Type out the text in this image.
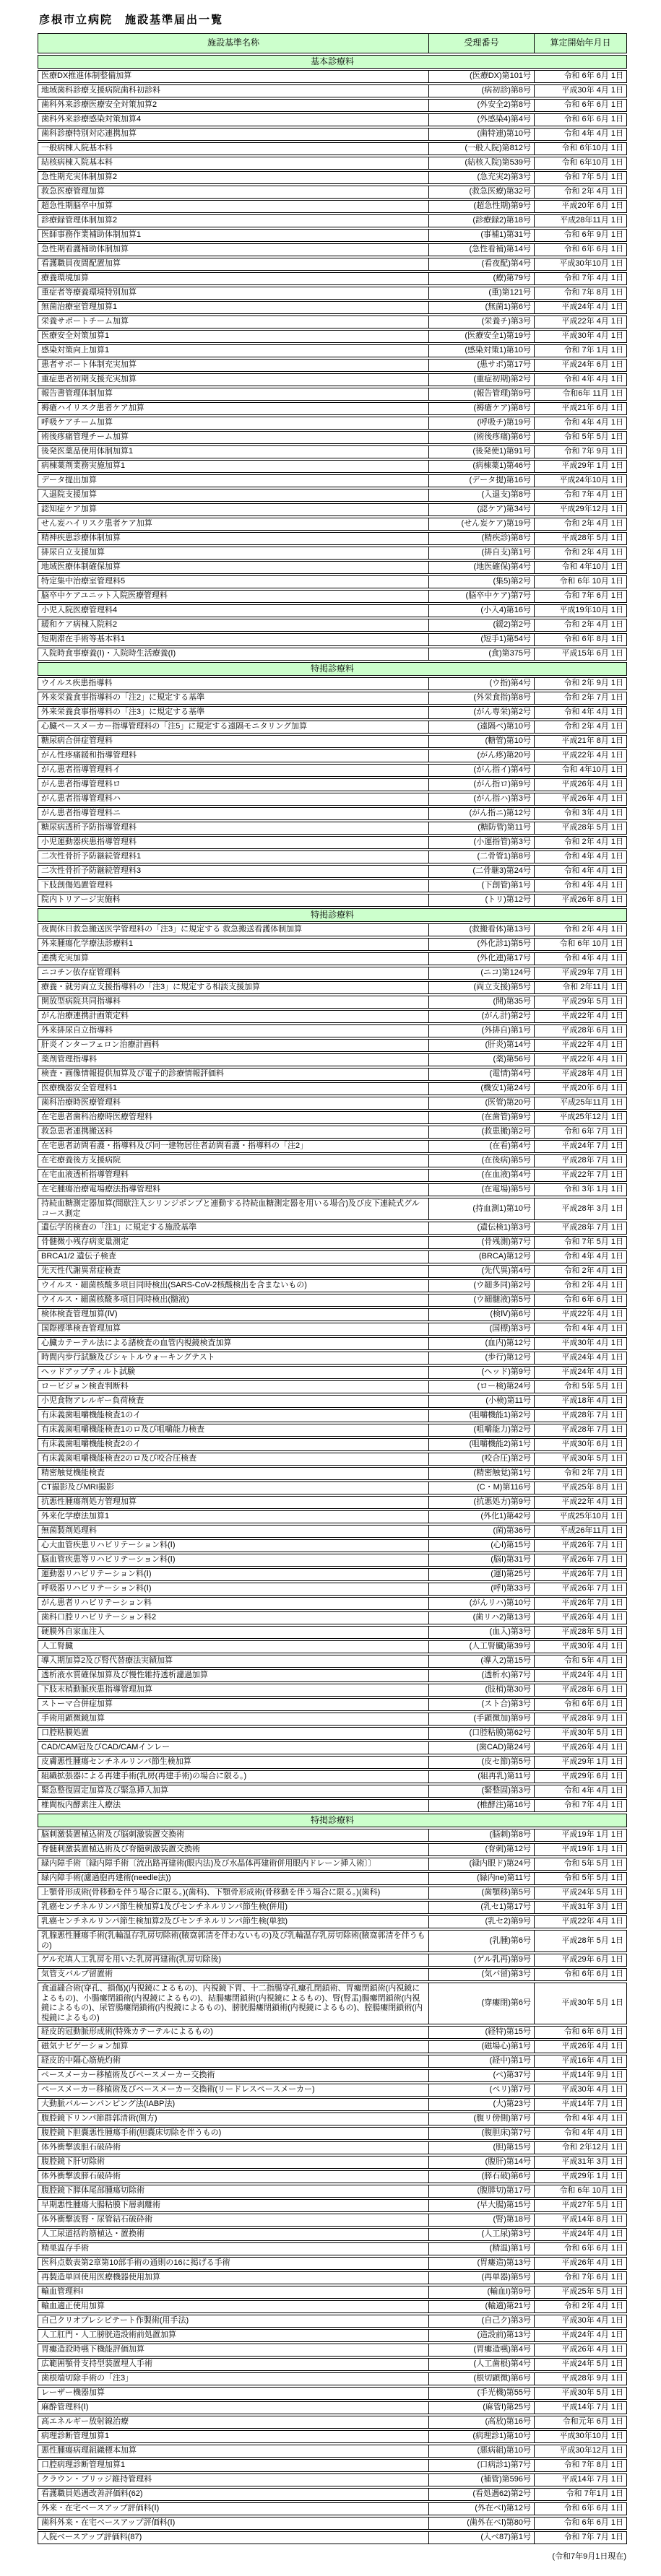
彦根市立病院　施設基準届出一覧
施設基準名称	受理番号	算定開始年月日
基本診療料
医療DX推進体制整備加算	(医療DX)第101号	令和 6年 6月 1日
地域歯科診療支援病院歯科初診料	(病初診)第8号	平成30年 4月 1日
歯科外来診療医療安全対策加算2	(外安全2)第8号	令和 6年 6月 1日
歯科外来診療感染対策加算4	(外感染4)第4号	令和 6年 6月 1日
歯科診療特別対応連携加算	(歯特連)第10号	令和 4年 4月 1日
一般病棟入院基本料	(一般入院)第812号	令和 6年10月 1日
結核病棟入院基本料	(結核入院)第539号	令和 6年10月 1日
急性期充実体制加算2	(急充実2)第3号	令和 7年 5月 1日
救急医療管理加算	(救急医療)第32号	令和 2年 4月 1日
超急性期脳卒中加算	(超急性期)第9号	平成20年 6月 1日
診療録管理体制加算2	(診療録2)第18号	平成28年11月 1日
医師事務作業補助体制加算1	(事補1)第31号	令和 6年 9月 1日
急性期看護補助体制加算	(急性看補)第14号	令和 6年 6月 1日
看護職員夜間配置加算	(看夜配)第4号	平成30年10月 1日
療養環境加算	(療)第79号	令和 7年 4月 1日
重症者等療養環境特別加算	(重)第121号	令和 7年 8月 1日
無菌治療室管理加算1	(無菌1)第6号	平成24年 4月 1日
栄養サポートチーム加算	(栄養チ)第3号	平成22年 4月 1日
医療安全対策加算1	(医療安全1)第19号	平成30年 4月 1日
感染対策向上加算1	(感染対策1)第10号	令和 7年 1月 1日
患者サポート体制充実加算	(患サポ)第17号	平成24年 6月 1日
重症患者初期支援充実加算	(重症初期)第2号	令和 4年 4月 1日
報告書管理体制加算	(報告管理)第9号	令和6年 11月 1日
褥瘡ハイリスク患者ケア加算	(褥瘡ケア)第8号	平成21年 6月 1日
呼吸ケアチーム加算	(呼吸チ)第19号	令和 4年 4月 1日
術後疼痛管理チーム加算	(術後疼痛)第6号	令和 5年 5月 1日
後発医薬品使用体制加算1	(後発使1)第91号	令和 7年 9月 1日
病棟薬剤業務実施加算1	(病棟薬1)第46号	平成29年 1月 1日
データ提出加算	(データ提)第16号	平成24年10月 1日
入退院支援加算	(入退支)第8号	令和 7年 4月 1日
認知症ケア加算	(認ケア)第34号	平成29年12月 1日
せん妄ハイリスク患者ケア加算	(せん妄ケア)第19号	令和 2年 4月 1日
精神疾患診療体制加算	(精疾診)第8号	平成28年 5月 1日
排尿自立支援加算	(排自支)第1号	令和 2年 4月 1日
地域医療体制確保加算	(地医確保)第4号	令和 4年10月 1日
特定集中治療室管理料5	(集5)第2号	令和 6年 10月 1日
脳卒中ケアユニット入院医療管理料	(脳卒中ケア)第7号	令和 7年 6月 1日
小児入院医療管理料4	(小入4)第16号	平成19年10月 1日
緩和ケア病棟入院料2	(緩2)第2号	令和 2年 4月 1日
短期滞在手術等基本料1	(短手1)第54号	令和 6年 8月 1日
入院時食事療養(Ⅰ)・入院時生活療養(Ⅰ)	(食)第375号	平成15年 6月 1日
特掲診療料
ウイルス疾患指導料	(ウ指)第4号	令和 2年 9月 1日
外来栄養食事指導料の「注2」に規定する基準	(外栄食指)第8号	令和 2年 7月 1日
外来栄養食事指導料の「注3」に規定する基準	(がん専栄)第2号	令和 4年 4月 1日
心臓ペースメーカー指導管理料の「注5」に規定する遠隔モニタリング加算	(遠隔ペ)第10号	令和 2年 4月 1日
糖尿病合併症管理料	(糖管)第10号	平成21年 8月 1日
がん性疼痛緩和指導管理料	(がん疼)第20号	平成22年 4月 1日
がん患者指導管理料イ	(がん指イ)第4号	令和 4年10月 1日
がん患者指導管理料ロ	(がん指ロ)第9号	平成26年 4月 1日
がん患者指導管理料ハ	(がん指ハ)第3号	平成26年 4月 1日
がん患者指導管理料ニ	(がん指ニ)第12号	令和 3年 4月 1日
糖尿病透析予防指導管理料	(糖防管)第11号	平成28年 5月 1日
小児運動器疾患指導管理料	(小運指管)第3号	令和 2年 4月 1日
二次性骨折予防継続管理料1	(二骨管1)第8号	令和 4年 4月 1日
二次性骨折予防継続管理料3	(二骨継3)第24号	令和 4年 4月 1日
下肢創傷処置管理料	(下創管)第1号	令和 4年 4月 1日
院内トリアージ実施料	(トリ)第12号	平成26年 8月 1日
特掲診療料
夜間休日救急搬送医学管理料の「注3」に規定する 救急搬送看護体制加算	(救搬看体)第13号	令和 2年 4月 1日
外来腫瘍化学療法診療料1	(外化診1)第5号	令和 6年 10月 1日
連携充実加算	(外化連)第17号	令和 4年 4月 1日
ニコチン依存症管理料	(ニコ)第124号	平成29年 7月 1日
療養・就労両立支援指導料の「注3」に規定する相談支援加算	(両立支援)第5号	令和 2年11月 1日
開放型病院共同指導料	(開)第35号	平成29年 5月 1日
がん治療連携計画策定料	(がん計)第2号	平成22年 4月 1日
外来排尿自立指導料	(外排自)第1号	平成28年 6月 1日
肝炎インターフェロン治療計画料	(肝炎)第14号	平成22年 4月 1日
薬剤管理指導料	(薬)第56号	平成22年 4月 1日
検査・画像情報提供加算及び電子的診療情報評価料	(電情)第4号	平成28年 4月 1日
医療機器安全管理料1	(機安1)第24号	平成20年 6月 1日
歯科治療時医療管理料	(医管)第20号	平成25年11月 1日
在宅患者歯科治療時医療管理料	(在歯管)第9号	平成25年12月 1日
救急患者連携搬送料	(救患搬)第2号	令和 6年 7月 1日
在宅患者訪問看護・指導料及び同一建物居住者訪問看護・指導料の「注2」	(在看)第4号	平成24年 7月 1日
在宅療養後方支援病院	(在後病)第5号	平成28年 7月 1日
在宅血液透析指導管理料	(在血液)第4号	平成22年 7月 1日
在宅腫瘍治療電場療法指導管理料	(在電場)第5号	令和 3年 1月 1日
持続血糖測定器加算(間歇注入シリンジポンプと連動する持続血糖測定器を用いる場合)及び皮下連続式グルコース測定
(持血測1)第10号	平成28年 3月 1日
遺伝学的検査の「注1」に規定する施設基準	(遺伝検1)第3号	平成28年 7月 1日
骨髄微小残存病変量測定	(骨残測)第7号	令和 7年 5月 1日
BRCA1/2 遺伝子検査	(BRCA)第12号	令和 4年 4月 1日
先天性代謝異常症検査	(先代異)第4号	令和 2年 4月 1日
ウイルス・細菌核酸多項目同時検出(SARS-CoV-2核酸検出を含まないもの)	(ウ細多同)第2号	令和 2年 4月 1日
ウイルス・細菌核酸多項目同時検出(髄液)	(ウ細髄液)第5号	令和 6年 6月 1日
検体検査管理加算(Ⅳ)	(検Ⅳ)第6号	平成22年 4月 1日
国際標準検査管理加算	(国標)第3号	令和 4年 4月 1日
心臓カテーテル法による諸検査の血管内視鏡検査加算	(血内)第12号	平成30年 4月 1日
時間内歩行試験及びシャトルウォーキングテスト	(歩行)第12号	平成24年 4月 1日
ヘッドアップティルト試験	(ヘッド)第9号	平成24年 4月 1日
ロービジョン検査判断料	(ロー検)第24号	令和 5年 5月 1日
小児食物アレルギー負荷検査	(小検)第11号	平成18年 4月 1日
有床義歯咀嚼機能検査1のイ	(咀嚼機能1)第2号	平成28年 7月 1日
有床義歯咀嚼機能検査1のロ及び咀嚼能力検査	(咀嚼能力)第2号	平成28年 7月 1日
有床義歯咀嚼機能検査2のイ	(咀嚼機能2)第1号	平成30年 6月 1日
有床義歯咀嚼機能検査2のロ及び咬合圧検査	(咬合圧)第2号	平成30年 5月 1日
精密触覚機能検査	(精密触覚)第1号	令和 2年 7月 1日
CT撮影及びMRI撮影	(C・M)第116号	平成25年 8月 1日
抗悪性腫瘍剤処方管理加算	(抗悪処方)第9号	平成22年 4月 1日
外来化学療法加算1	(外化1)第42号	平成25年10月 1日
無菌製剤処理料	(菌)第36号	平成26年11月 1日
心大血管疾患リハビリテーション料(Ⅰ)	(心Ⅰ)第15号	平成26年 7月 1日
脳血管疾患等リハビリテーション料(Ⅰ)	(脳Ⅰ)第31号	平成26年 7月 1日
運動器リハビリテーション料(Ⅰ)	(運Ⅰ)第25号	平成26年 7月 1日
呼吸器リハビリテーション料(Ⅰ)	(呼Ⅰ)第33号	平成26年 7月 1日
がん患者リハビリテーション料	(がんリハ)第10号	平成26年 7月 1日
歯科口腔リハビリテーション料2	(歯リハ2)第13号	平成26年 4月 1日
硬膜外自家血注入	(血入)第3号	平成28年 5月 1日
人工腎臓	(人工腎臓)第39号	平成30年 4月 1日
導入期加算2及び腎代替療法実績加算	(導入2)第15号	令和 5年 4月 1日
透析液水質確保加算及び慢性維持透析濾過加算	(透析水)第7号	平成24年 4月 1日
下肢末梢動脈疾患指導管理加算	(肢梢)第30号	平成28年 6月 1日
ストーマ合併症加算	(スト合)第3号	令和 6年 6月 1日
手術用顕微鏡加算	(手顕微加)第9号	平成28年 9月 1日
口腔粘膜処置	(口腔粘膜)第62号	平成30年 5月 1日
CAD/CAM冠及びCAD/CAMインレー	(歯CAD)第24号	平成26年 4月 1日
皮膚悪性腫瘍センチネルリンパ節生検加算	(皮セ節)第5号	平成29年 1月 1日
組織拡張器による再建手術(乳房(再建手術)の場合に限る。)	(組再乳)第11号	平成29年 6月 1日
緊急整復固定加算及び緊急挿入加算	(緊整固)第3号	令和 4年 4月 1日
椎間板内酵素注入療法	(椎酵注)第16号	令和 7年 4月 1日
特掲診療料
脳刺激装置植込術及び脳刺激装置交換術	(脳刺)第8号	平成19年 1月 1日
脊髄刺激装置植込術及び脊髄刺激装置交換術	(脊刺)第12号	平成19年 1月 1日
緑内障手術〔緑内障手術〔流出路再建術(眼内法)及び水晶体再建術併用眼内ドレーン挿入術〕〕	(緑内眼ド)第24号	令和 5年 5月 1日
緑内障手術(濾過胞再建術(needle法))	(緑内ne)第11号	令和 5年 5月 1日
上顎骨形成術(骨移動を伴う場合に限る。)(歯科)、下顎骨形成術(骨移動を伴う場合に限る。)(歯科)	(歯顎移)第5号	平成24年 5月 1日
乳癌センチネルリンパ節生検加算1及びセンチネルリンパ節生検(併用)	(乳セ1)第17号	平成31年 3月 1日
乳癌センチネルリンパ節生検加算2及びセンチネルリンパ節生検(単独)	(乳セ2)第9号	平成22年 4月 1日
乳腺悪性腫瘍手術(乳輪温存乳房切除術(腋窩郭清を伴わないもの)及び乳輪温存乳房切除術(腋窩郭清を伴うもの)
(乳腫)第6号	平成28年 5月 1日
ゲル充填人工乳房を用いた乳房再建術(乳房切除後)	(ゲル乳再)第9号	平成29年 6月 1日
気管支バルブ留置術	(気バ留)第3号	令和 6年 6月 1日
食道縫合術(穿孔、損傷)(内視鏡によるもの)、内視鏡下胃、十二指腸穿孔瘻孔閉鎖術、胃瘻閉鎖術(内視鏡によるもの)、小腸瘻閉鎖術(内視鏡によるもの)、結腸瘻閉鎖術(内視鏡によるもの)、腎(腎盂)腸瘻閉鎖術(内視鏡によるもの)、尿管腸瘻閉鎖術(内視鏡によるもの)、膀胱腸瘻閉鎖術(内視鏡によるもの)、腟腸瘻閉鎖術(内視鏡によるもの)
(穿瘻閉)第6号	平成30年 5月 1日
経皮的冠動脈形成術(特殊カテーテルによるもの)	(経特)第15号	令和 6年 6月 1日
磁気ナビゲーション加算	(磁場心)第1号	平成26年 4月 1日
経皮的中隔心筋焼灼術	(経中)第1号	平成16年 4月 1日
ペースメーカー移植術及びペースメーカー交換術	(ペ)第37号	平成14年 9月 1日
ペースメーカー移植術及びペースメーカー交換術(リードレスペースメーカー)	(ペリ)第7号	平成30年 4月 1日
大動脈バルーンパンピング法(IABP法)	(大)第23号	平成14年 7月 1日
腹腔鏡下リンパ節群郭清術(側方)	(腹リ傍側)第7号	令和 4年 4月 1日
腹腔鏡下胆嚢悪性腫瘍手術(胆嚢床切除を伴うもの)	(腹胆床)第7号	令和 4年 4月 1日
体外衝撃波胆石破砕術	(胆)第15号	令和 2年12月 1日
腹腔鏡下肝切除術	(腹肝)第14号	平成31年 3月 1日
体外衝撃波膵石破砕術	(膵石破)第6号	平成29年 1月 1日
腹腔鏡下膵体尾部腫瘍切除術	(腹膵切)第17号	令和 6年 10月 1日
早期悪性腫瘍大腸粘膜下層剥離術	(早大腸)第15号	平成27年 5月 1日
体外衝撃波腎・尿管結石破砕術	(腎)第18号	平成14年 8月 1日
人工尿道括約筋植込・置換術	(人工尿)第3号	平成24年 4月 1日
精巣温存手術	(精温)第1号	令和 6年 6月 1日
医科点数表第2章第10部手術の通則の16に掲げる手術	(胃瘻造)第13号	平成26年 4月 1日
再製造単回使用医療機器使用加算	(再単器)第5号	令和 7年 6月 1日
輸血管理料Ⅰ	(輸血I)第9号	平成25年 5月 1日
輸血適正使用加算	(輸適)第21号	令和 2年 4月 1日
自己クリオプレシピテート作製術(用手法)	(自己ク)第3号	平成30年 4月 1日
人工肛門・人工膀胱造設術前処置加算	(造設前)第13号	平成24年 4月 1日
胃瘻造設時嚥下機能評価加算	(胃瘻造嚥)第4号	平成26年 4月 1日
広範囲顎骨支持型装置埋入手術	(人工歯根)第4号	平成24年 5月 1日
歯根端切除手術の「注3」	(根切顕微)第6号	平成28年 9月 1日
レーザー機器加算	(手光機)第55号	平成30年 5月 1日
麻酔管理料(Ⅰ)	(麻管Ⅰ)第25号	平成14年 7月 1日
高エネルギー放射線治療	(高放)第16号	令和元年 6月 1日
病理診断管理加算1	(病理診1)第10号	平成30年10月 1日
悪性腫瘍病理組織標本加算	(悪病組)第10号	平成30年12月 1日
口腔病理診断管理加算1	(口病診1)第7号	令和 7年 8月 1日
クラウン・ブリッジ維持管理料	(補管)第596号	平成14年 7月 1日
看護職員処遇改善評価料(62)	(看処遇62)第2号	令和 7年1月 1日
外来・在宅ベースアップ評価料(Ⅰ)	(外在ベⅠ)第12号	令和 6年 6月 1日
歯科外来・在宅ベースアップ評価料(Ⅰ)	(歯外在ベⅠ)第80号	令和 6年 6月 1日
入院ベースアップ評価料(87)	(入ベ87)第1号	令和 7年 7月 1日
(令和7年9月1日現在)
